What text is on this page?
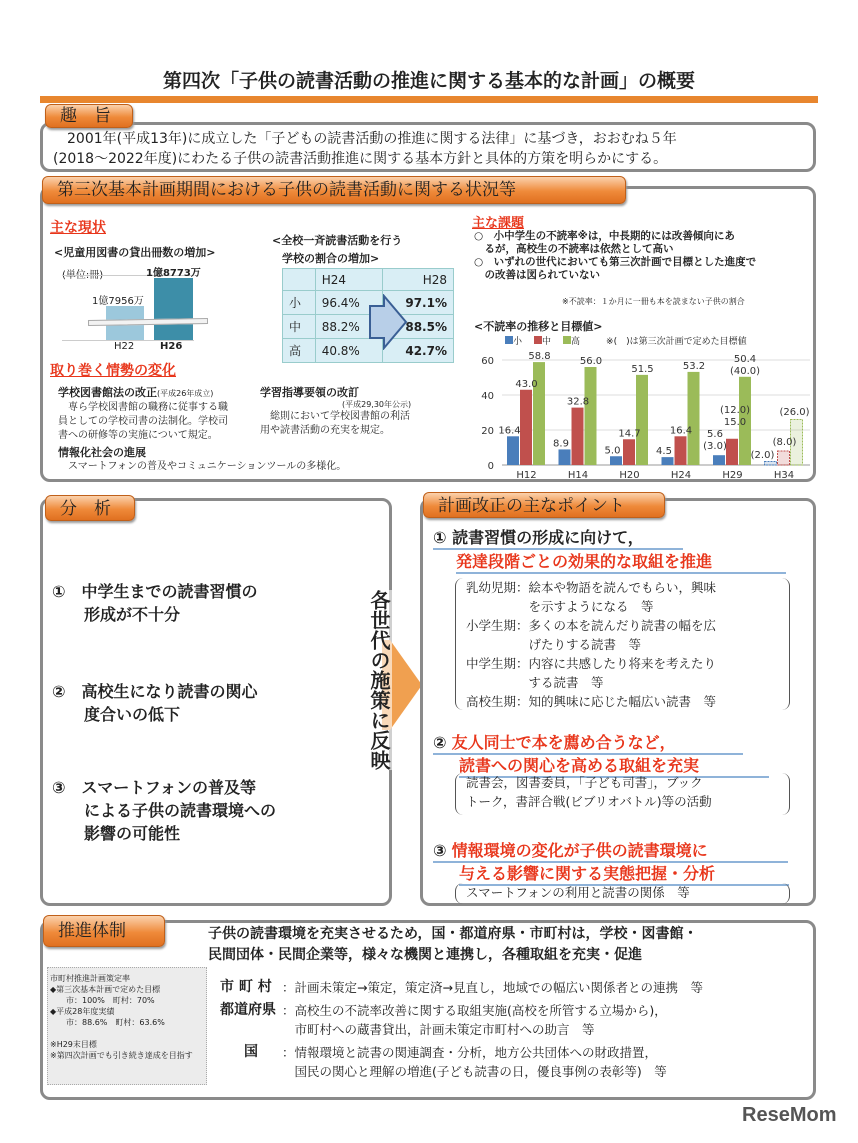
第四次「子供の読書活動の推進に関する基本的な計画」の概要
　2001年(平成13年)に成立した「子どもの読書活動の推進に関する法律」に基づき，おおむね５年
(2018〜2022年度)にわたる子供の読書活動推進に関する基本方針と具体的方策を明らかにする。
趣　旨
第三次基本計画期間における子供の読書活動に関する状況等
主な現状
<児童用図書の貸出冊数の増加>
1億7956万
1億8773万
H22	H26
<全校一斉読書活動を行う
学校の割合の増加>
	H24	H28
小	96.4%	97.1%
中	88.2%	88.5%
高	40.8%	42.7%
取り巻く情勢の変化
学校図書館法の改正(平成26年成立)
　専ら学校図書館の職務に従事する職
員としての学校司書の法制化。学校司
書への研修等の実施について規定。
学習指導要領の改訂
(平成29,30年公示)
　総則において学校図書館の利活
用や読書活動の充実を規定。
情報化社会の進展
　スマートフォンの普及やコミュニケーションツールの多様化。
主な課題
○　小中学生の不読率※は，中長期的には改善傾向にあ
　るが，高校生の不読率は依然として高い
○　いずれの世代においても第三次計画で目標とした進度で
　の改善は図られていない
※不読率：１か月に一冊も本を読まない子供の割合
<不読率の推移と目標値>
小	中	高	※(　)は第三次計画で定めた目標値
0
20
40
60
H12	H14	H20	H24	H29	H34
16.4
43.0
58.8
8.9
32.8
56.0
5.0
14.7
51.5
4.5
16.4
53.2
5.6
(3.0)
15.0
(12.0)
50.4
(40.0)
(2.0)
(8.0)
(26.0)
分　析
①　中学生までの読書習慣の
　　形成が不十分
②　高校生になり読書の関心
　　度合いの低下
③　スマートフォンの普及等
　　による子供の読書環境への
　　影響の可能性
各世代の施策に反映
計画改正の主なポイント
① 読書習慣の形成に向けて，
発達段階ごとの効果的な取組を推進
乳幼児期： 絵本や物語を読んでもらい，興味
を示すようになる　等
小学生期： 多くの本を読んだり読書の幅を広
げたりする読書　等
中学生期： 内容に共感したり将来を考えたり
する読書　等
高校生期： 知的興味に応じた幅広い読書　等
② 友人同士で本を薦め合うなど，
読書への関心を高める取組を充実
読書会，図書委員，「子ども司書」，ブック
トーク，書評合戦(ビブリオバトル)等の活動
③ 情報環境の変化が子供の読書環境に
与える影響に関する実態把握・分析
スマートフォンの利用と読書の関係　等
推進体制	子供の読書環境を充実させるため，国・都道府県・市町村は，学校・図書館・
民間団体・民間企業等，様々な機関と連携し，各種取組を充実・促進
市町村推進計画策定率
◆第三次基本計画で定めた目標
　　市：100%　町村：70%
◆平成28年度実績
　　市：88.6%　町村：63.6%
※H29末目標
※第四次計画でも引き続き達成を目指す
市 町 村 ：計画未策定→策定，策定済→見直し，地域での幅広い関係者との連携　等
都道府県 ：高校生の不読率改善に関する取組実施(高校を所管する立場から)，
　市町村への蔵書貸出，計画未策定市町村への助言　等
国	：情報環境と読書の関連調査・分析，地方公共団体への財政措置，
　国民の関心と理解の増進(子ども読書の日，優良事例の表彰等)　等
ReseMom
